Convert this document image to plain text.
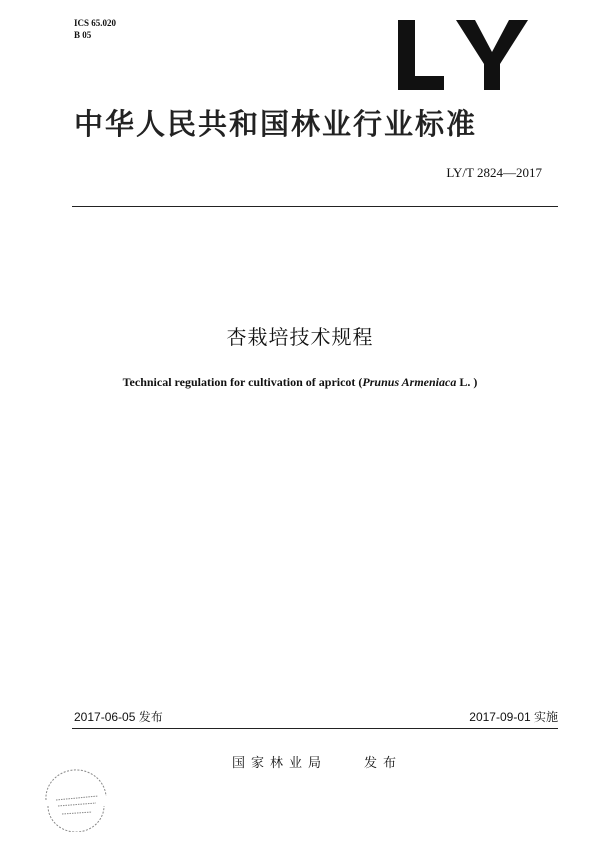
ICS 65.020
B 05
中华人民共和国林业行业标准
LY/T 2824—2017
杏栽培技术规程
Technical regulation for cultivation of apricot (Prunus Armeniaca L. )
2017-06-05 发布	2017-09-01 实施
国家林业局	发布
